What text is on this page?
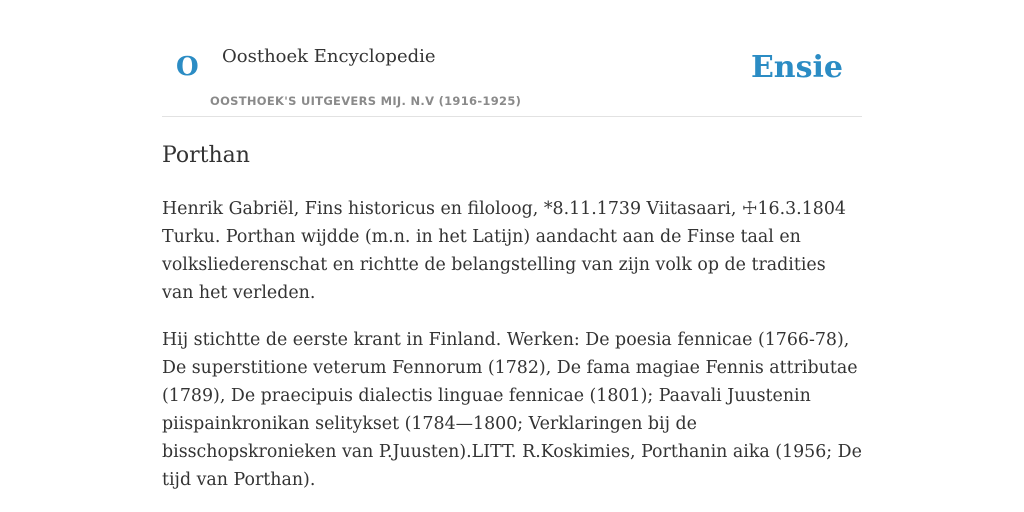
O Oosthoek Encyclopedie
OOSTHOEK'S UITGEVERS MIJ. N.V (1916-1925)
Ensie
Porthan

Henrik Gabriël, Fins historicus en filoloog, *8.11.1739 Viitasaari, ☩16.3.1804 Turku. Porthan wijdde (m.n. in het Latijn) aandacht aan de Finse taal en volksliederenschat en richtte de belangstelling van zijn volk op de tradities van het verleden.

Hij stichtte de eerste krant in Finland. Werken: De poesia fennicae (1766-78), De superstitione veterum Fennorum (1782), De fama magiae Fennis attributae (1789), De praecipuis dialectis linguae fennicae (1801); Paavali Juustenin piispainkronikan selitykset (1784—1800; Verklaringen bij de bisschopskronieken van P.Juusten).LITT. R.Koskimies, Porthanin aika (1956; De tijd van Porthan).
